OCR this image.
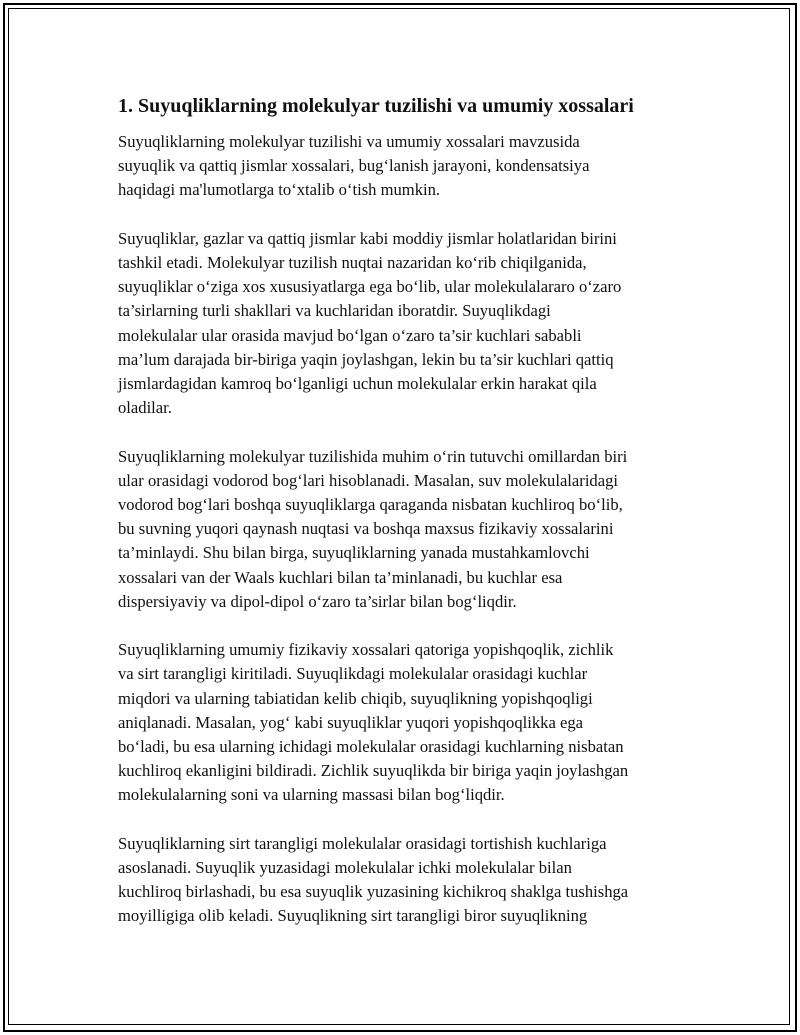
1. Suyuqliklarning molekulyar tuzilishi va umumiy xossalari

Suyuqliklarning molekulyar tuzilishi va umumiy xossalari mavzusida
suyuqlik va qattiq jismlar xossalari, bug‘lanish jarayoni, kondensatsiya
haqidagi ma'lumotlarga to‘xtalib o‘tish mumkin.

Suyuqliklar, gazlar va qattiq jismlar kabi moddiy jismlar holatlaridan birini
tashkil etadi. Molekulyar tuzilish nuqtai nazaridan ko‘rib chiqilganida,
suyuqliklar o‘ziga xos xususiyatlarga ega bo‘lib, ular molekulalararo o‘zaro
ta’sirlarning turli shakllari va kuchlaridan iboratdir. Suyuqlikdagi
molekulalar ular orasida mavjud bo‘lgan o‘zaro ta’sir kuchlari sababli
ma’lum darajada bir-biriga yaqin joylashgan, lekin bu ta’sir kuchlari qattiq
jismlardagidan kamroq bo‘lganligi uchun molekulalar erkin harakat qila
oladilar.

Suyuqliklarning molekulyar tuzilishida muhim o‘rin tutuvchi omillardan biri
ular orasidagi vodorod bog‘lari hisoblanadi. Masalan, suv molekulalaridagi
vodorod bog‘lari boshqa suyuqliklarga qaraganda nisbatan kuchliroq bo‘lib,
bu suvning yuqori qaynash nuqtasi va boshqa maxsus fizikaviy xossalarini
ta’minlaydi. Shu bilan birga, suyuqliklarning yanada mustahkamlovchi
xossalari van der Waals kuchlari bilan ta’minlanadi, bu kuchlar esa
dispersiyaviy va dipol-dipol o‘zaro ta’sirlar bilan bog‘liqdir.

Suyuqliklarning umumiy fizikaviy xossalari qatoriga yopishqoqlik, zichlik
va sirt tarangligi kiritiladi. Suyuqlikdagi molekulalar orasidagi kuchlar
miqdori va ularning tabiatidan kelib chiqib, suyuqlikning yopishqoqligi
aniqlanadi. Masalan, yog‘ kabi suyuqliklar yuqori yopishqoqlikka ega
bo‘ladi, bu esa ularning ichidagi molekulalar orasidagi kuchlarning nisbatan
kuchliroq ekanligini bildiradi. Zichlik suyuqlikda bir biriga yaqin joylashgan
molekulalarning soni va ularning massasi bilan bog‘liqdir.

Suyuqliklarning sirt tarangligi molekulalar orasidagi tortishish kuchlariga
asoslanadi. Suyuqlik yuzasidagi molekulalar ichki molekulalar bilan
kuchliroq birlashadi, bu esa suyuqlik yuzasining kichikroq shaklga tushishga
moyilligiga olib keladi. Suyuqlikning sirt tarangligi biror suyuqlikning
